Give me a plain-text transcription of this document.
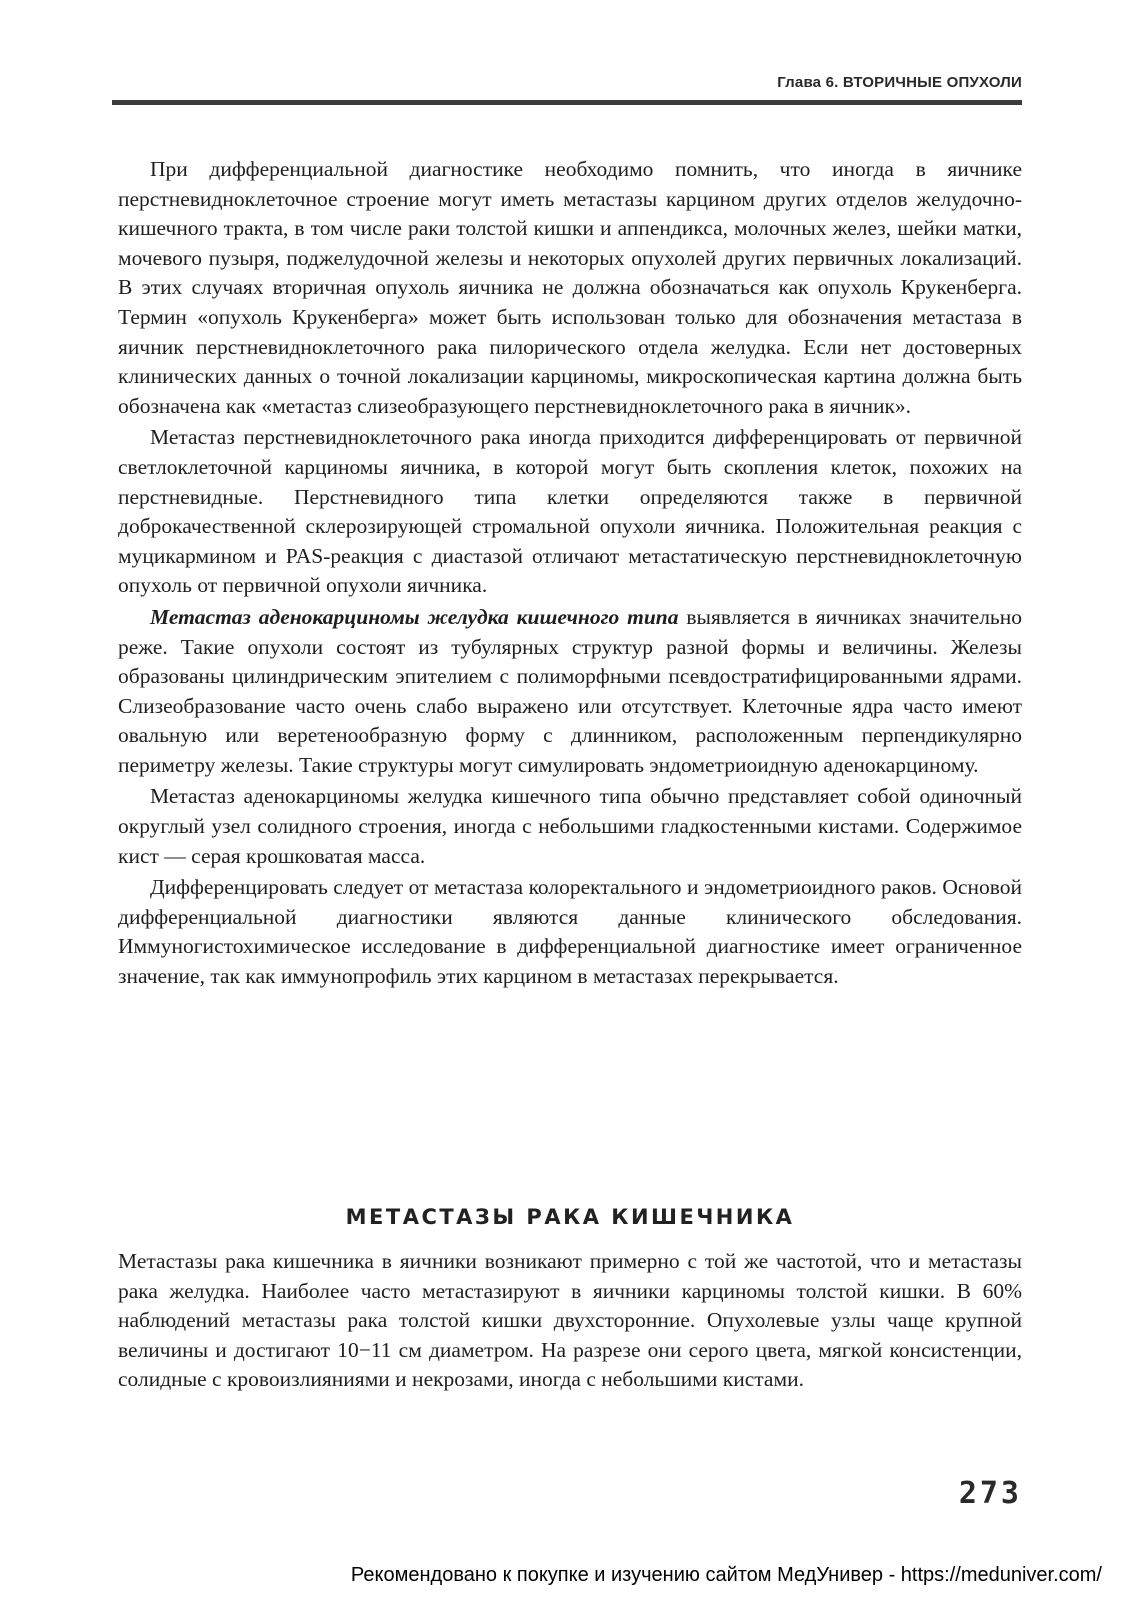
Глава 6. ВТОРИЧНЫЕ ОПУХОЛИ

При дифференциальной диагностике необходимо помнить, что иногда в яичнике перстневидноклеточное строение могут иметь метастазы карцином других отделов желудочно-кишечного тракта, в том числе раки толстой кишки и аппендикса, молочных желез, шейки матки, мочевого пузыря, поджелудочной железы и некоторых опухолей других первичных локализаций. В этих случаях вторичная опухоль яичника не должна обозначаться как опухоль Крукенберга. Термин «опухоль Крукенберга» может быть использован только для обозначения метастаза в яичник перстневидноклеточного рака пилорического отдела желудка. Если нет достоверных клинических данных о точной локализации карциномы, микроскопическая картина должна быть обозначена как «метастаз слизеобразующего перстневидноклеточного рака в яичник».

Метастаз перстневидноклеточного рака иногда приходится дифференцировать от первичной светлоклеточной карциномы яичника, в которой могут быть скопления клеток, похожих на перстневидные. Перстневидного типа клетки определяются также в первичной доброкачественной склерозирующей стромальной опухоли яичника. Положительная реакция с муцикармином и PAS-реакция с диастазой отличают метастатическую перстневидноклеточную опухоль от первичной опухоли яичника.

Метастаз аденокарциномы желудка кишечного типа выявляется в яичниках значительно реже. Такие опухоли состоят из тубулярных структур разной формы и величины. Железы образованы цилиндрическим эпителием с полиморфными псевдостратифицированными ядрами. Слизеобразование часто очень слабо выражено или отсутствует. Клеточные ядра часто имеют овальную или веретенообразную форму с длинником, расположенным перпендикулярно периметру железы. Такие структуры могут симулировать эндометриоидную аденокарциному.

Метастаз аденокарциномы желудка кишечного типа обычно представляет собой одиночный округлый узел солидного строения, иногда с небольшими гладкостенными кистами. Содержимое кист — серая крошковатая масса.

Дифференцировать следует от метастаза колоректального и эндометриоидного раков. Основой дифференциальной диагностики являются данные клинического обследования. Иммуногистохимическое исследование в дифференциальной диагностике имеет ограниченное значение, так как иммунопрофиль этих карцином в метастазах перекрывается.

МЕТАСТАЗЫ РАКА КИШЕЧНИКА

Метастазы рака кишечника в яичники возникают примерно с той же частотой, что и метастазы рака желудка. Наиболее часто метастазируют в яичники карциномы толстой кишки. В 60% наблюдений метастазы рака толстой кишки двухсторонние. Опухолевые узлы чаще крупной величины и достигают 10−11 см диаметром. На разрезе они серого цвета, мягкой консистенции, солидные с кровоизлияниями и некрозами, иногда с небольшими кистами.

273
Рекомендовано к покупке и изучению сайтом МедУнивер - https://meduniver.com/
